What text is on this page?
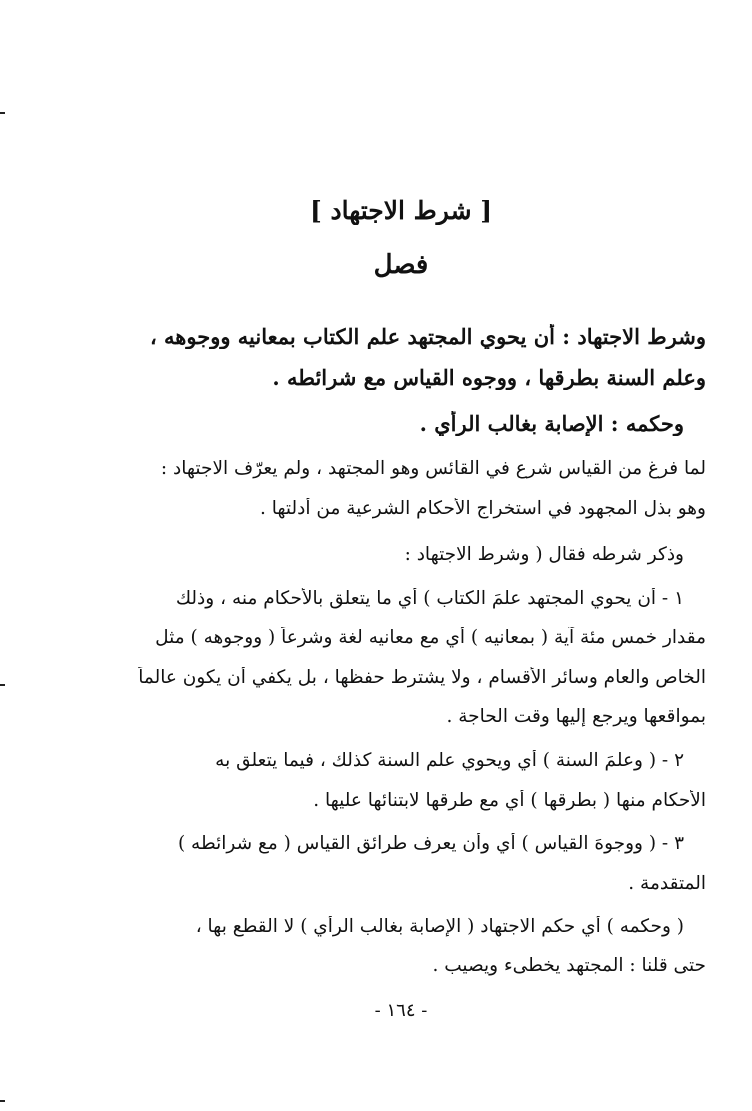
[ شرط الاجتهاد ]
فصل
وشرط الاجتهاد : أن يحوي المجتهد علم الكتاب بمعانيه ووجوهه ،
وعلم السنة بطرقها ، ووجوه القياس مع شرائطه .
وحكمه : الإصابة بغالب الرأي .
لما فرغ من القياس شرع في القائس وهو المجتهد ، ولم يعرّف الاجتهاد :
وهو بذل المجهود في استخراج الأحكام الشرعية من أدلتها .
وذكر شرطه فقال ( وشرط الاجتهاد :
١ - أن يحوي المجتهد علمَ الكتاب ) أي ما يتعلق بالأحكام منه ، وذلك
مقدار خمس مئة آية ( بمعانيه ) أي مع معانيه لغة وشرعاً ( ووجوهه ) مثل
الخاص والعام وسائر الأقسام ، ولا يشترط حفظها ، بل يكفي أن يكون عالماً
بمواقعها ويرجع إليها وقت الحاجة .
٢ - ( وعلمَ السنة ) أي ويحوي علم السنة كذلك ، فيما يتعلق به
الأحكام منها ( بطرقها ) أي مع طرقها لابتنائها عليها .
٣ - ( ووجوهَ القياس ) أي وأن يعرف طرائق القياس ( مع شرائطه )
المتقدمة .
( وحكمه ) أي حكم الاجتهاد ( الإصابة بغالب الرأي ) لا القطع بها ،
حتى قلنا : المجتهد يخطىء ويصيب .
- ١٦٤ -
